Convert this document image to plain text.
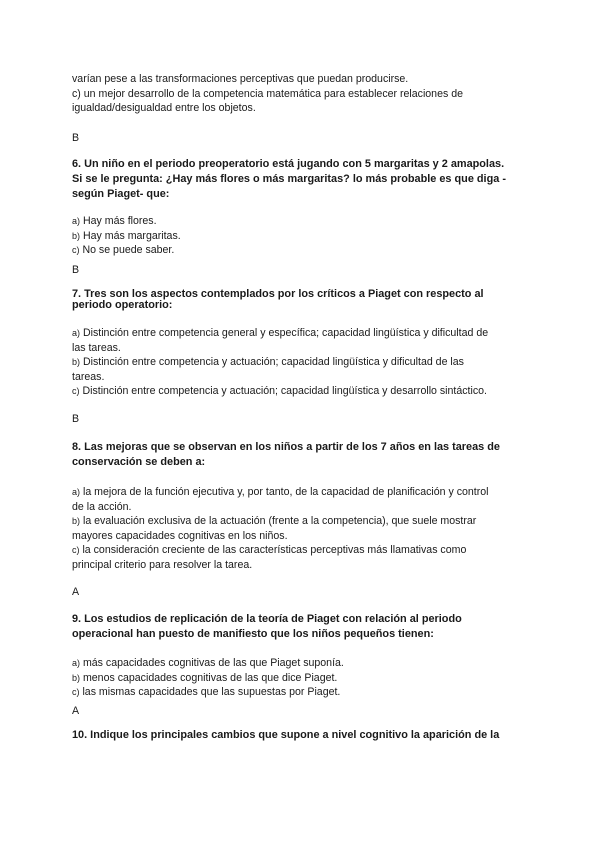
varían pese a las transformaciones perceptivas que puedan producirse.
c) un mejor desarrollo de la competencia matemática para establecer relaciones de
igualdad/desigualdad entre los objetos.
B
6. Un niño en el periodo preoperatorio está jugando con 5 margaritas y 2 amapolas.
Si se le pregunta: ¿Hay más flores o más margaritas? lo más probable es que diga -
según Piaget- que:
a) Hay más flores.
b) Hay más margaritas.
c) No se puede saber.
B
7. Tres son los aspectos contemplados por los críticos a Piaget con respecto al
periodo operatorio:
a) Distinción entre competencia general y específica; capacidad lingüística y dificultad de
las tareas.
b) Distinción entre competencia y actuación; capacidad lingüística y dificultad de las
tareas.
c) Distinción entre competencia y actuación; capacidad lingüística y desarrollo sintáctico.
B
8. Las mejoras que se observan en los niños a partir de los 7 años en las tareas de
conservación se deben a:
a) la mejora de la función ejecutiva y, por tanto, de la capacidad de planificación y control
de la acción.
b) la evaluación exclusiva de la actuación (frente a la competencia), que suele mostrar
mayores capacidades cognitivas en los niños.
c) la consideración creciente de las características perceptivas más llamativas como
principal criterio para resolver la tarea.
A
9. Los estudios de replicación de la teoría de Piaget con relación al periodo
operacional han puesto de manifiesto que los niños pequeños tienen:
a) más capacidades cognitivas de las que Piaget suponía.
b) menos capacidades cognitivas de las que dice Piaget.
c) las mismas capacidades que las supuestas por Piaget.
A
10. Indique los principales cambios que supone a nivel cognitivo la aparición de la
